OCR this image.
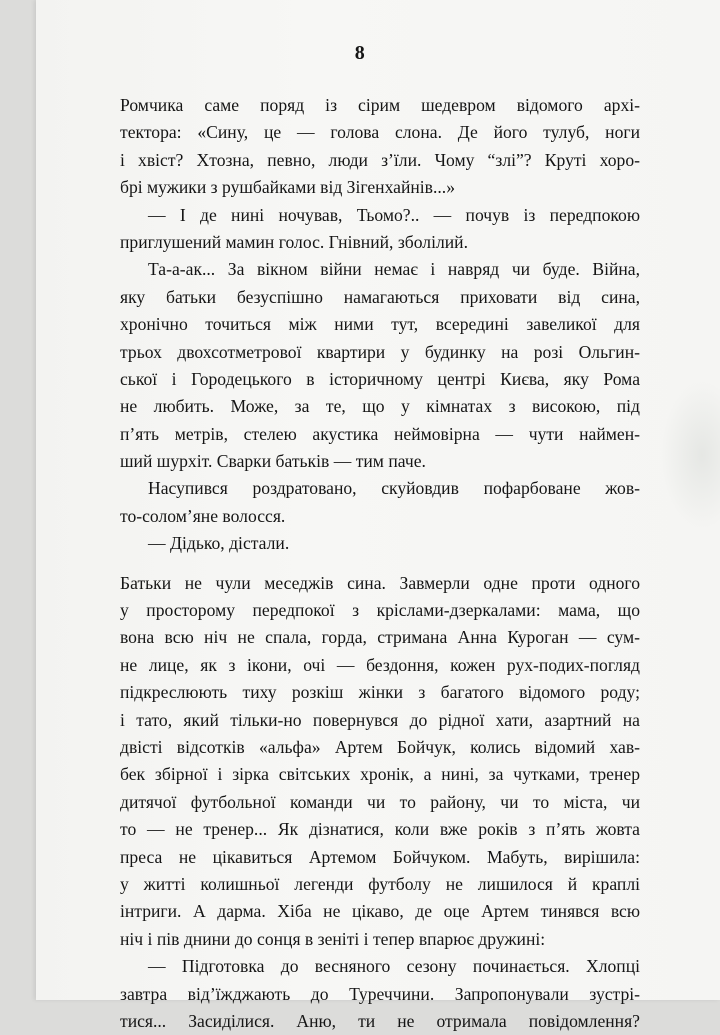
8
Ромчика саме поряд із сірим шедевром відомого архі-
тектора: «Сину, це — голова слона. Де його тулуб, ноги
і хвіст? Хтозна, певно, люди з’їли. Чому “злі”? Круті хоро-
брі мужики з рушбайками від Зігенхайнів...»
— І де нині ночував, Тьомо?.. — почув із передпокою
приглушений мамин голос. Гнівний, зболілий.
Та-а-ак... За вікном війни немає і навряд чи буде. Війна,
яку батьки безуспішно намагаються приховати від сина,
хронічно точиться між ними тут, всередині завеликої для
трьох двохсотметрової квартири у будинку на розі Ольгин-
ської і Городецького в історичному центрі Києва, яку Рома
не любить. Може, за те, що у кімнатах з високою, під
п’ять метрів, стелею акустика неймовірна — чути наймен-
ший шурхіт. Сварки батьків — тим паче.
Насупився роздратовано, скуйовдив пофарбоване жов-
то-солом’яне волосся.
— Дідько, дістали.
Батьки не чули меседжів сина. Завмерли одне проти одного
у просторому передпокої з кріслами-дзеркалами: мама, що
вона всю ніч не спала, горда, стримана Анна Куроган — сум-
не лице, як з ікони, очі — бездоння, кожен рух-подих-погляд
підкреслюють тиху розкіш жінки з багатого відомого роду;
і тато, який тільки-но повернувся до рідної хати, азартний на
двісті відсотків «альфа» Артем Бойчук, колись відомий хав-
бек збірної і зірка світських хронік, а нині, за чутками, тренер
дитячої футбольної команди чи то району, чи то міста, чи
то — не тренер... Як дізнатися, коли вже років з п’ять жовта
преса не цікавиться Артемом Бойчуком. Мабуть, вирішила:
у житті колишньої легенди футболу не лишилося й краплі
інтриги. А дарма. Хіба не цікаво, де оце Артем тинявся всю
ніч і пів днини до сонця в зеніті і тепер впарює дружині:
— Підготовка до весняного сезону починається. Хлопці
завтра від’їжджають до Туреччини. Запропонували зустрі-
тися... Засиділися. Аню, ти не отримала повідомлення?
